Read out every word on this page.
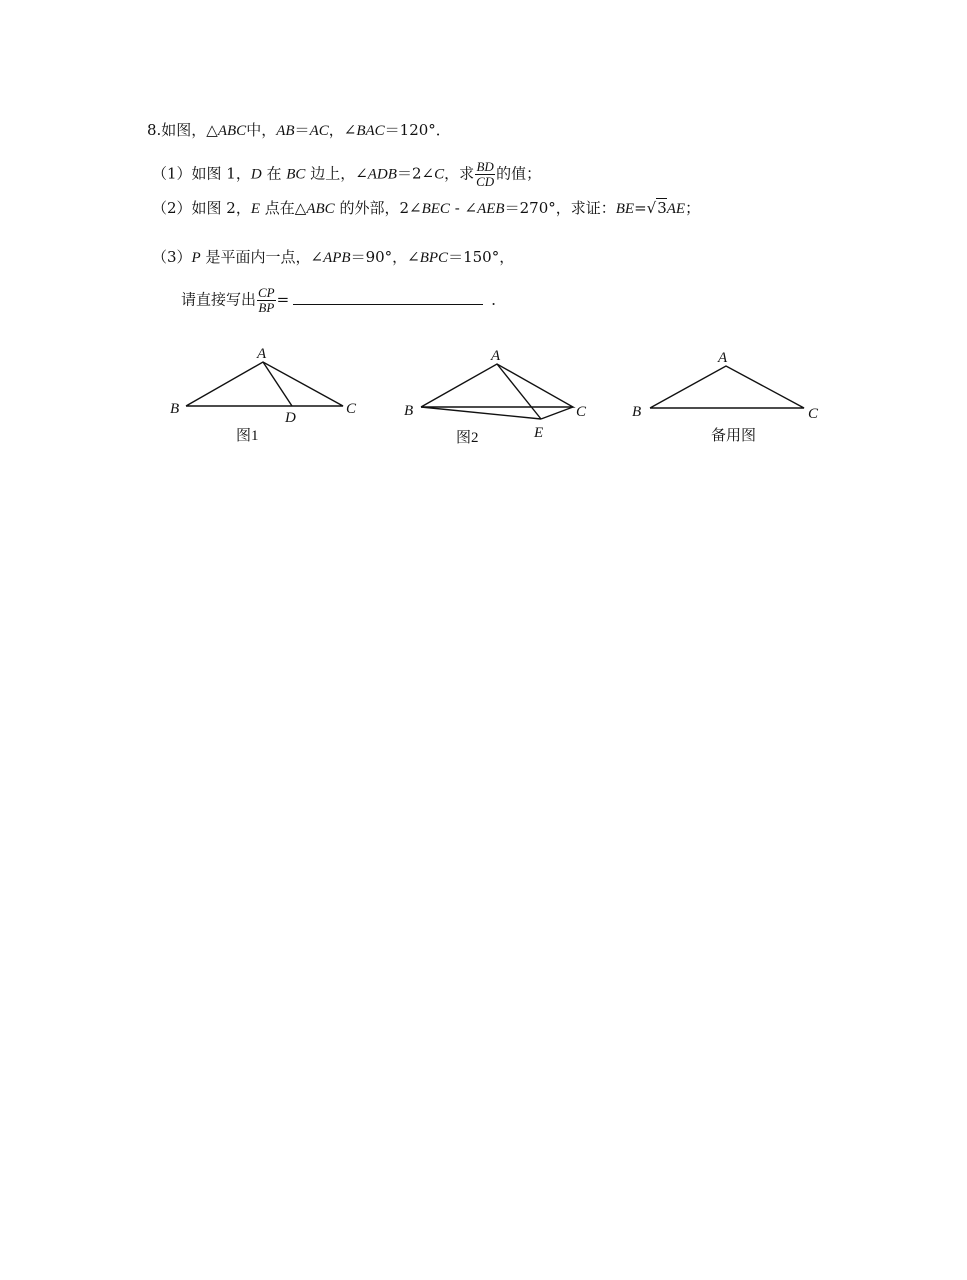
8.如图，△ABC中，AB＝AC，∠BAC＝120°．
（1）如图 1，D 在 BC 边上，∠ADB＝2∠C，求 $\frac{BD}{CD}$ 的值；
（2）如图 2，E 点在△ABC 的外部，2∠BEC - ∠AEB＝270°，求证：BE=√3AE；
（3）P 是平面内一点，∠APB＝90°，∠BPC＝150°，
请直接写出 $\frac{CP}{BP}$ =	．
A
B	C
D
A
B	C
E
A
B	C
图1	图2	备用图
